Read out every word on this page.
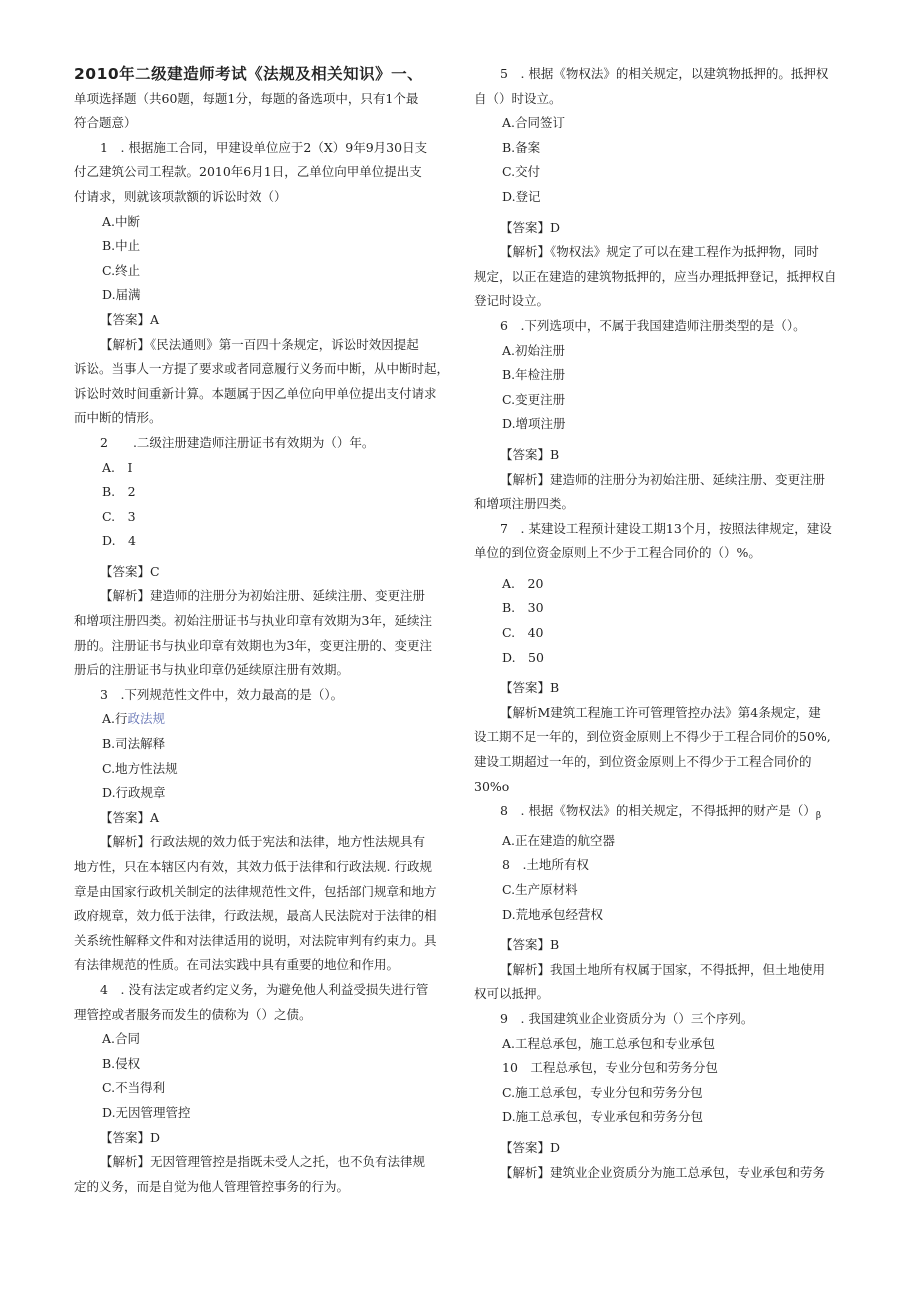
2010年二级建造师考试《法规及相关知识》一、
单项选择题（共60题，每题1分，每题的备选项中，只有1个最
符合题意）
1　. 根据施工合同，甲建设单位应于2（X）9年9月30日支
付乙建筑公司工程款。2010年6月1日，乙单位向甲单位提出支
付请求，则就该项款额的诉讼时效（）
A.中断
B.中止
C.终止
D.届满
【答案】A
【解析】《民法通则》第一百四十条规定，诉讼时效因提起
诉讼。当事人一方提了要求或者同意履行义务而中断，从中断时起，
诉讼时效时间重新计算。本题属于因乙单位向甲单位提出支付请求
而中断的情形。
2　　.二级注册建造师注册证书有效期为（）年。
A.　I
B.　2
C.　3
D.　4
【答案】C
【解析】建造师的注册分为初始注册、延续注册、变更注册
和增项注册四类。初始注册证书与执业印章有效期为3年，延续注
册的。注册证书与执业印章有效期也为3年，变更注册的、变更注
册后的注册证书与执业印章仍延续原注册有效期。
3　.下列规范性文件中，效力最高的是（）。
A.行政法规
B.司法解释
C.地方性法规
D.行政规章
【答案】A
【解析】行政法规的效力低于宪法和法律，地方性法规具有
地方性，只在本辖区内有效，其效力低于法律和行政法规. 行政规
章是由国家行政机关制定的法律规范性文件，包括部门规章和地方
政府规章，效力低于法律，行政法规，最高人民法院对于法律的相
关系统性解释文件和对法律适用的说明，对法院审判有约束力。具
有法律规范的性质。在司法实践中具有重要的地位和作用。
4　. 没有法定或者约定义务，为避免他人利益受损失进行管
理管控或者服务而发生的债称为（）之债。
A.合同
B.侵权
C.不当得利
D.无因管理管控
【答案】D
【解析】无因管理管控是指既未受人之托，也不负有法律规
定的义务，而是自觉为他人管理管控事务的行为。
5　. 根据《物权法》的相关规定，以建筑物抵押的。抵押权
自（）时设立。
A.合同签订
B.备案
C.交付
D.登记
【答案】D
【解析】《物权法》规定了可以在建工程作为抵押物，同时
规定，以正在建造的建筑物抵押的，应当办理抵押登记，抵押权自
登记时设立。
6　.下列选项中，不属于我国建造师注册类型的是（）。
A.初始注册
B.年检注册
C.变更注册
D.增项注册
【答案】B
【解析】建造师的注册分为初始注册、延续注册、变更注册
和增项注册四类。
7　. 某建设工程预计建设工期13个月，按照法律规定，建设
单位的到位资金原则上不少于工程合同价的（）%。
A.　20
B.　30
C.　40
D.　50
【答案】B
【解析M建筑工程施工许可管理管控办法》第4条规定，建
设工期不足一年的，到位资金原则上不得少于工程合同价的50%,
建设工期超过一年的，到位资金原则上不得少于工程合同价的
30%o
8　. 根据《物权法》的相关规定，不得抵押的财产是$()_\beta$
A.正在建造的航空器
8　.土地所有权
C.生产原材料
D.荒地承包经营权
【答案】B
【解析】我国土地所有权属于国家，不得抵押，但土地使用
权可以抵押。
9　. 我国建筑业企业资质分为（）三个序列。
A.工程总承包，施工总承包和专业承包
10　工程总承包，专业分包和劳务分包
C.施工总承包，专业分包和劳务分包
D.施工总承包，专业承包和劳务分包
【答案】D
【解析】建筑业企业资质分为施工总承包，专业承包和劳务
